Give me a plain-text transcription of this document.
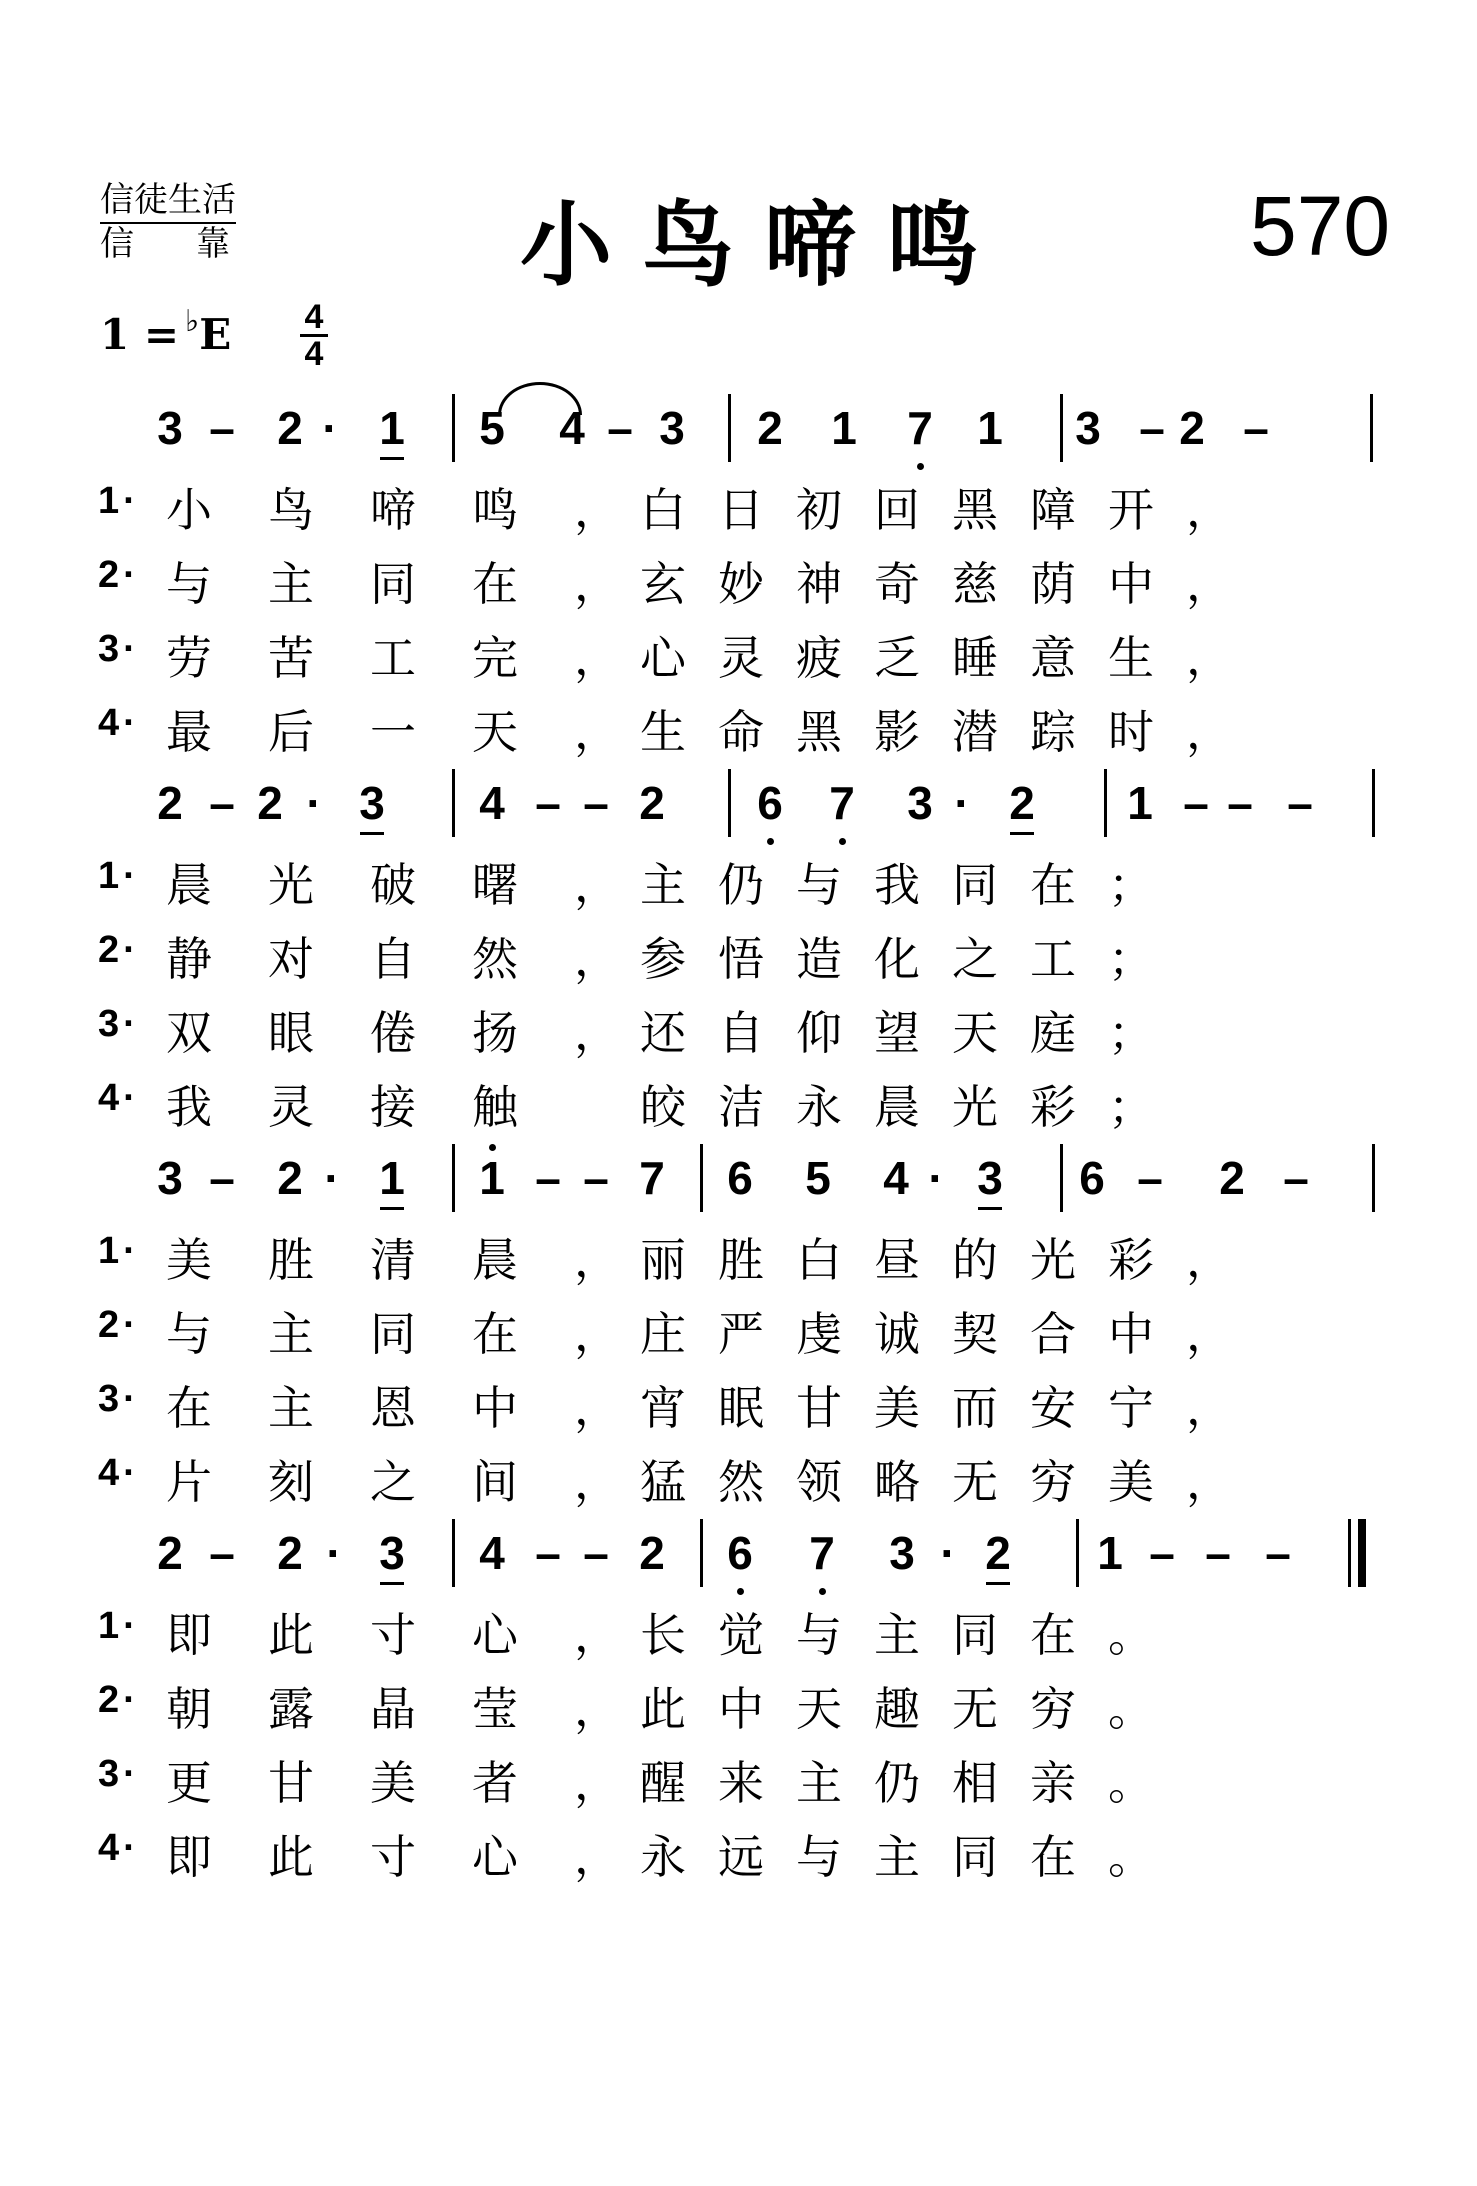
信徒生活
信靠 小鸟啼鸣	570
1 = ♭E 4
4
3 – 2 · 1 5 4 – 3 2 1 7 1 3 – 2 –
1 ·	小 鸟 啼 鸣 ， 白 日 初 回 黑 障 开 ，
2 ·	与 主 同 在 ， 玄 妙 神 奇 慈 荫 中 ，
3 ·	劳 苦 工 完 ， 心 灵 疲 乏 睡 意 生 ，
4 ·	最 后 一 天 ， 生 命 黑 影 潜 踪 时 ，
2 – 2 · 3 4 – – 2 6 7 3 · 2 1 – – –
1 ·	晨 光 破 曙 ， 主 仍 与 我 同 在 ；
2 ·	静 对 自 然 ， 参 悟 造 化 之 工 ；
3 ·	双 眼 倦 扬 ， 还 自 仰 望 天 庭 ；
4 ·	我 灵 接 触	皎 洁 永 晨 光 彩 ；
3 – 2 · 1 1 – – 7 6 5 4 · 3 6 – 2 –
1 ·	美 胜 清 晨 ， 丽 胜 白 昼 的 光 彩 ，
2 ·	与 主 同 在 ， 庄 严 虔 诚 契 合 中 ，
3 ·	在 主 恩 中 ， 宵 眠 甘 美 而 安 宁 ，
4 ·	片 刻 之 间 ， 猛 然 领 略 无 穷 美 ，
2 – 2 · 3 4 – – 2 6 7 3 · 2 1 – – –
1 ·	即 此 寸 心 ， 长 觉 与 主 同 在 。
2 ·	朝 露 晶 莹 ， 此 中 天 趣 无 穷 。
3 ·	更 甘 美 者 ， 醒 来 主 仍 相 亲 。
4 ·	即 此 寸 心 ， 永 远 与 主 同 在 。
